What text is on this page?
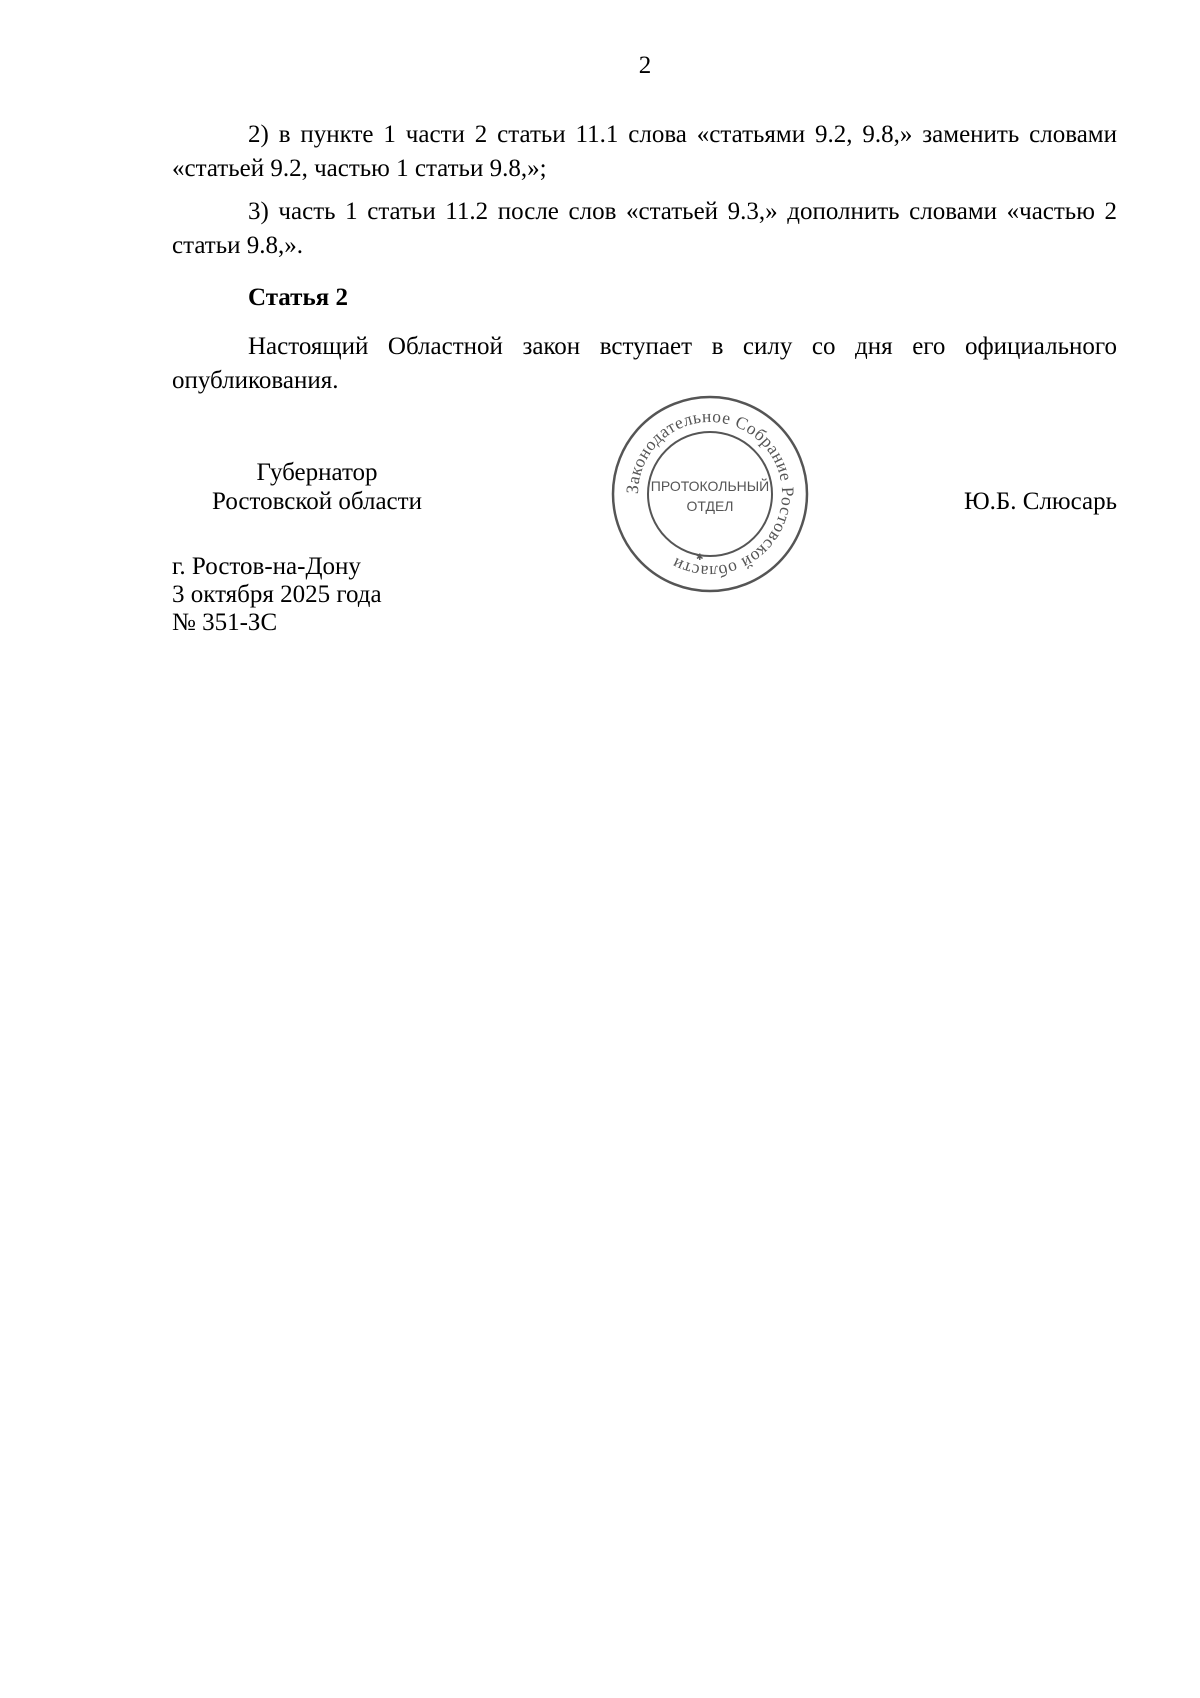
2

2) в пункте 1 части 2 статьи 11.1 слова «статьями 9.2, 9.8,» заменить словами «статьей 9.2, частью 1 статьи 9.8,»;

3) часть 1 статьи 11.2 после слов «статьей 9.3,» дополнить словами «частью 2 статьи 9.8,».

Статья 2

Настоящий Областной закон вступает в силу со дня его официального опубликования.

Губернатор
Ростовской области	Ю.Б. Слюсарь
г. Ростов-на-Дону
3 октября 2025 года
№ 351-ЗС
Законодательное Собрание Ростовской области
ПРОТОКОЛЬНЫЙ
ОТДЕЛ
✱
